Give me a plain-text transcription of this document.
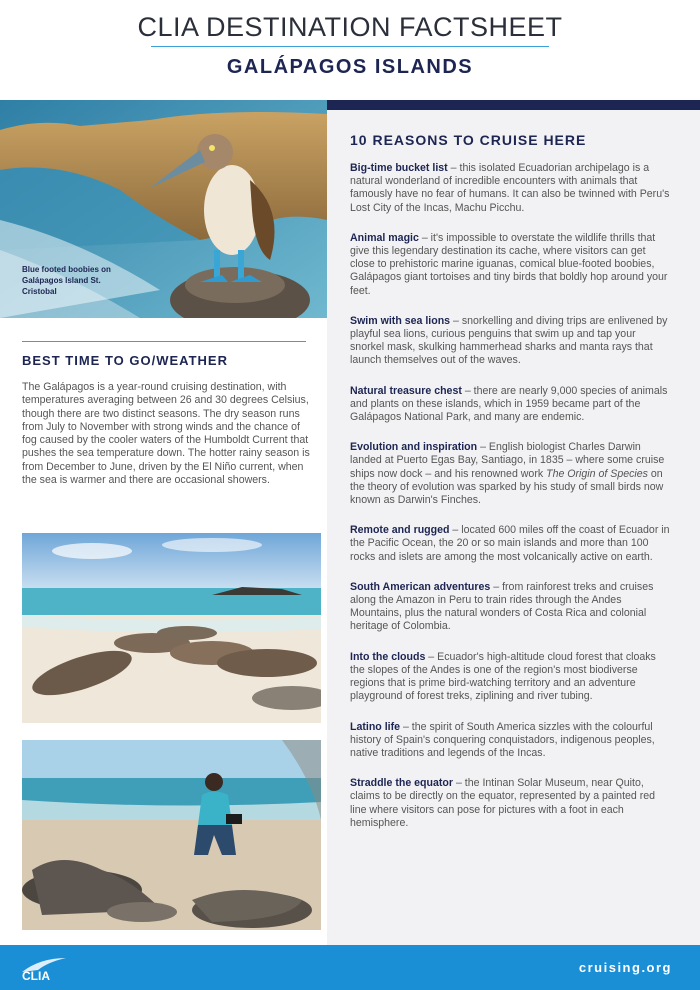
CLIA DESTINATION FACTSHEET
GALÁPAGOS ISLANDS
Blue footed boobies on Galápagos Island St. Cristobal
BEST TIME TO GO/WEATHER

The Galápagos is a year-round cruising destination, with temperatures averaging between 26 and 30 degrees Celsius, though there are two distinct seasons. The dry season runs from July to November with strong winds and the chance of fog caused by the cooler waters of the Humboldt Current that pushes the sea temperature down. The hotter rainy season is from December to June, driven by the El Niño current, when the sea is warmer and there are occasional showers.

10 REASONS TO CRUISE HERE

Big-time bucket list – this isolated Ecuadorian archipelago is a natural wonderland of incredible encounters with animals that famously have no fear of humans. It can also be twinned with Peru's Lost City of the Incas, Machu Picchu.

Animal magic – it's impossible to overstate the wildlife thrills that give this legendary destination its cache, where visitors can get close to prehistoric marine iguanas, comical blue-footed boobies, Galápagos giant tortoises and tiny birds that boldly hop around your feet.

Swim with sea lions – snorkelling and diving trips are enlivened by playful sea lions, curious penguins that swim up and tap your snorkel mask, skulking hammerhead sharks and manta rays that launch themselves out of the waves.

Natural treasure chest – there are nearly 9,000 species of animals and plants on these islands, which in 1959 became part of the Galápagos National Park, and many are endemic.

Evolution and inspiration – English biologist Charles Darwin landed at Puerto Egas Bay, Santiago, in 1835 – where some cruise ships now dock – and his renowned work The Origin of Species on the theory of evolution was sparked by his study of small birds now known as Darwin's Finches.

Remote and rugged – located 600 miles off the coast of Ecuador in the Pacific Ocean, the 20 or so main islands and more than 100 rocks and islets are among the most volcanically active on earth.

South American adventures – from rainforest treks and cruises along the Amazon in Peru to train rides through the Andes Mountains, plus the natural wonders of Costa Rica and colonial heritage of Colombia.

Into the clouds – Ecuador's high-altitude cloud forest that cloaks the slopes of the Andes is one of the region's most biodiverse regions that is prime bird-watching territory and an adventure playground of forest treks, ziplining and river tubing.

Latino life – the spirit of South America sizzles with the colourful history of Spain's conquering conquistadors, indigenous peoples, native traditions and legends of the Incas.

Straddle the equator – the Intinan Solar Museum, near Quito, claims to be directly on the equator, represented by a painted red line where visitors can pose for pictures with a foot in each hemisphere.

CLIA
cruising.org
